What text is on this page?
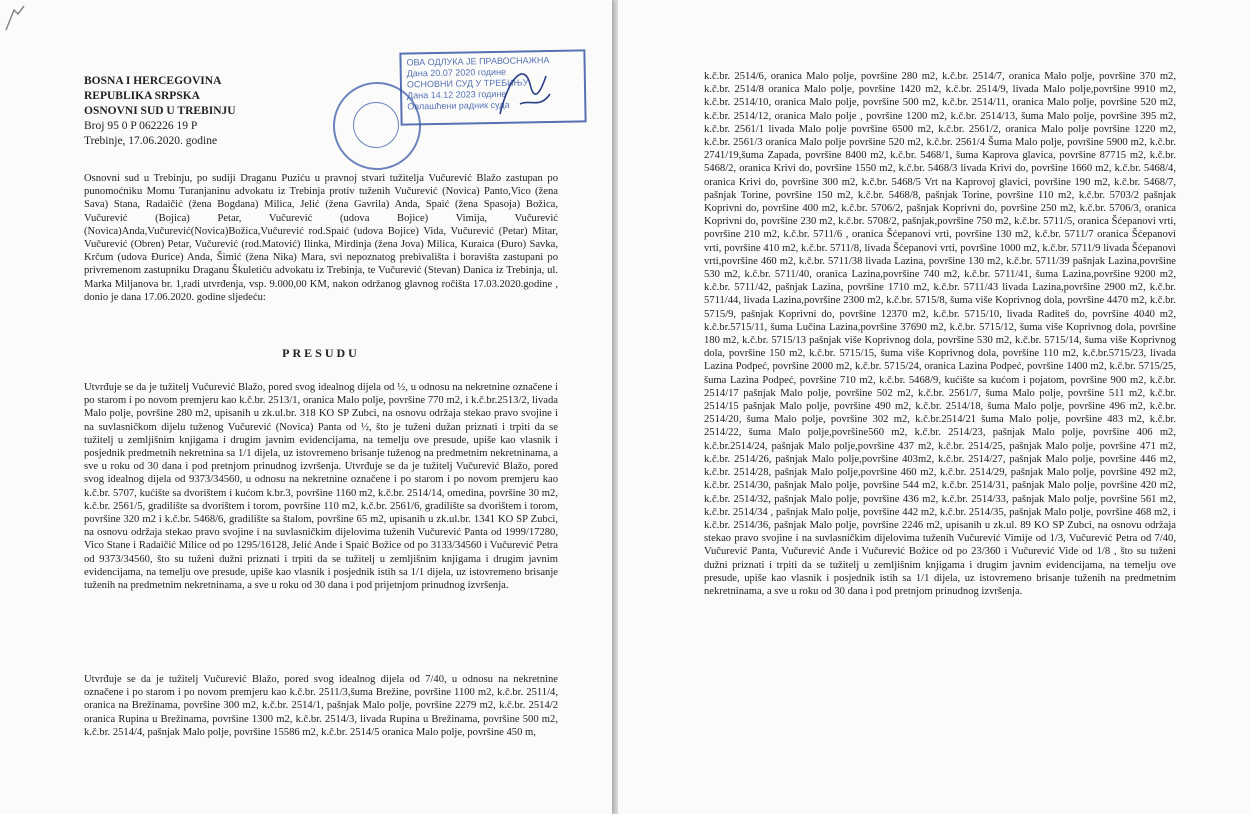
BOSNA I HERCEGOVINA
REPUBLIKA SRPSKA
OSNOVNI SUD U TREBINJU
Broj 95 0 P 062226 19 P
Trebinje, 17.06.2020. godine
ОВА ОДЛУКА ЈЕ ПРАВОСНАЖНА
Дана 20.07 2020 године
ОСНОВНИ СУД У ТРЕБИЊУ
Дана 14.12 2023 године
Овлашћени радник суда
Osnovni sud u Trebinju, po sudiji Draganu Puziću u pravnoj stvari tužitelja Vučurević Blažo zastupan po punomoćniku Momu Turanjaninu advokatu iz Trebinja protiv tuženih Vučurević (Novica) Panto,Vico (žena Sava) Stana, Radaičić (žena Bogdana) Milica, Jelić (žena Gavrila) Anda, Spaić (žena Spasoja) Božica, Vučurević (Bojica) Petar, Vučurević (udova Bojice) Vimija, Vučurević (Novica)Anda,Vučurević(Novica)Božica,Vučurević rod.Spaić (udova Bojice) Vida, Vučurević (Petar) Mitar, Vučurević (Obren) Petar, Vučurević (rod.Matović) Ilinka, Mirdinja (žena Jova) Milica, Kuraica (Đuro) Savka, Krčum (udova Đurice) Anda, Šimić (žena Nika) Mara, svi nepoznatog prebivališta i boravišta zastupani po privremenom zastupniku Draganu Škuletiću advokatu iz Trebinja, te Vučurević (Stevan) Danica iz Trebinja, ul. Marka Miljanova br. 1,radi utvrđenja, vsp. 9.000,00 KM, nakon održanog glavnog ročišta 17.03.2020.godine , donio je dana 17.06.2020. godine sljedeću:
PRESUDU
Utvrđuje se da je tužitelj Vučurević Blažo, pored svog idealnog dijela od ½, u odnosu na nekretnine označene i po starom i po novom premjeru kao k.č.br. 2513/1, oranica Malo polje, površine 770 m2, i k.č.br.2513/2, livada Malo polje, površine 280 m2, upisanih u zk.ul.br. 318 KO SP Zubci, na osnovu održaja stekao pravo svojine i na suvlasničkom dijelu tuženog Vučurević (Novica) Panta od ½, što je tuženi dužan priznati i trpiti da se tužitelj u zemljišnim knjigama i drugim javnim evidencijama, na temelju ove presude, upiše kao vlasnik i posjednik predmetnih nekretnina sa 1/1 dijela, uz istovremeno brisanje tuženog na predmetnim nekretninama, a sve u roku od 30 dana i pod pretnjom prinudnog izvršenja. Utvrđuje se da je tužitelj Vučurević Blažo, pored svog idealnog dijela od 9373/34560, u odnosu na nekretnine označene i po starom i po novom premjeru kao k.č.br. 5707, kućište sa dvorištem i kućom k.br.3, površine 1160 m2, k.č.br. 2514/14, omedina, površine 30 m2, k.č.br. 2561/5, gradilište sa dvorištem i torom, površine 110 m2, k.č.br. 2561/6, gradilište sa dvorištem i torom, površine 320 m2 i k.č.br. 5468/6, gradilište sa štalom, površine 65 m2, upisanih u zk.ul.br. 1341 KO SP Zubci, na osnovu održaja stekao pravo svojine i na suvlasničkim dijelovima tuženih Vučurević Panta od 1999/17280, Vico Stane i Radaičić Milice od po 1295/16128, Jelić Ande i Spaić Božice od po 3133/34560 i Vučurević Petra od 9373/34560, što su tuženi dužni priznati i trpiti da se tužitelj u zemljišnim knjigama i drugim javnim evidencijama, na temelju ove presude, upiše kao vlasnik i posjednik istih sa 1/1 dijela, uz istovremeno brisanje tuženih na predmetnim nekretninama, a sve u roku od 30 dana i pod prijetnjom prinudnog izvršenja.
Utvrđuje se da je tužitelj Vučurević Blažo, pored svog idealnog dijela od 7/40, u odnosu na nekretnine označene i po starom i po novom premjeru kao k.č.br. 2511/3,šuma Brežine, površine 1100 m2, k.č.br. 2511/4, oranica na Brežinama, površine 300 m2, k.č.br. 2514/1, pašnjak Malo polje, površine 2279 m2, k.č.br. 2514/2 oranica Rupina u Brežinama, površine 1300 m2, k.č.br. 2514/3, livada Rupina u Brežinama, površine 500 m2, k.č.br. 2514/4, pašnjak Malo polje, površine 15586 m2, k.č.br. 2514/5 oranica Malo polje, površine 450 m,
k.č.br. 2514/6, oranica Malo polje, površine 280 m2, k.č.br. 2514/7, oranica Malo polje, površine 370 m2, k.č.br. 2514/8 oranica Malo polje, površine 1420 m2, k.č.br. 2514/9, livada Malo polje,površine 9910 m2, k.č.br. 2514/10, oranica Malo polje, površine 500 m2, k.č.br. 2514/11, oranica Malo polje, površine 520 m2, k.č.br. 2514/12, oranica Malo polje , površine 1200 m2, k.č.br. 2514/13, šuma Malo polje, površine 395 m2, k.č.br. 2561/1 livada Malo polje površine 6500 m2, k.č.br. 2561/2, oranica Malo polje površine 1220 m2, k.č.br. 2561/3 oranica Malo polje površine 520 m2, k.č.br. 2561/4 Šuma Malo polje, površine 5900 m2, k.č.br. 2741/19,šuma Zapada, površine 8400 m2, k.č.br. 5468/1, šuma Kaprova glavica, površine 87715 m2, k.č.br. 5468/2, oranica Krivi do, površine 1550 m2, k.č.br. 5468/3 livada Krivi do, površine 1660 m2, k.č.br. 5468/4, oranica Krivi do, površine 300 m2, k.č.br. 5468/5 Vrt na Kaprovoj glavici, površine 190 m2, k.č.br. 5468/7, pašnjak Torine, površine 150 m2, k.č.br. 5468/8, pašnjak Torine, površine 110 m2, k.č.br. 5703/2 pašnjak Koprivni do, površine 400 m2, k.č.br. 5706/2, pašnjak Koprivni do, površine 250 m2, k.č.br. 5706/3, oranica Koprivni do, površine 230 m2, k.č.br. 5708/2, pašnjak,površine 750 m2, k.č.br. 5711/5, oranica Šćepanovi vrti, površine 210 m2, k.č.br. 5711/6 , oranica Šćepanovi vrti, površine 130 m2, k.č.br. 5711/7 oranica Šćepanovi vrti, površine 410 m2, k.č.br. 5711/8, livada Šćepanovi vrti, površine 1000 m2, k.č.br. 5711/9 livada Šćepanovi vrti,površine 460 m2, k.č.br. 5711/38 livada Lazina, površine 130 m2, k.č.br. 5711/39 pašnjak Lazina,površine 530 m2, k.č.br. 5711/40, oranica Lazina,površine 740 m2, k.č.br. 5711/41, šuma Lazina,površine 9200 m2, k.č.br. 5711/42, pašnjak Lazina, površine 1710 m2, k.č.br. 5711/43 livada Lazina,površine 2900 m2, k.č.br. 5711/44, livada Lazina,površine 2300 m2, k.č.br. 5715/8, šuma više Koprivnog dola, površine 4470 m2, k.č.br. 5715/9, pašnjak Koprivni do, površine 12370 m2, k.č.br. 5715/10, livada Raditeš do, površine 4040 m2, k.č.br.5715/11, šuma Lučina Lazina,površine 37690 m2, k.č.br. 5715/12, šuma više Koprivnog dola, površine 180 m2, k.č.br. 5715/13 pašnjak više Koprivnog dola, površine 530 m2, k.č.br. 5715/14, šuma više Koprivnog dola, površine 150 m2, k.č.br. 5715/15, šuma više Koprivnog dola, površine 110 m2, k.č.br.5715/23, livada Lazina Podpeć, površine 2000 m2, k.č.br. 5715/24, oranica Lazina Podpeć, površine 1400 m2, k.č.br. 5715/25, šuma Lazina Podpeć, površine 710 m2, k.č.br. 5468/9, kućište sa kućom i pojatom, površine 900 m2, k.č.br. 2514/17 pašnjak Malo polje, površine 502 m2, k.č.br. 2561/7, šuma Malo polje, površine 511 m2, k.č.br. 2514/15 pašnjak Malo polje, površine 490 m2, k.č.br. 2514/18, šuma Malo polje, površine 496 m2, k.č.br. 2514/20, šuma Malo polje, površine 302 m2, k.č.br.2514/21 šuma Malo polje, površine 483 m2, k.č.br. 2514/22, šuma Malo polje,površine560 m2, k.č.br. 2514/23, pašnjak Malo polje, površine 406 m2, k.č.br.2514/24, pašnjak Malo polje,površine 437 m2, k.č.br. 2514/25, pašnjak Malo polje, površine 471 m2, k.č.br. 2514/26, pašnjak Malo polje,površine 403m2, k.č.br. 2514/27, pašnjak Malo polje, površine 446 m2, k.č.br. 2514/28, pašnjak Malo polje,površine 460 m2, k.č.br. 2514/29, pašnjak Malo polje, površine 492 m2, k.č.br. 2514/30, pašnjak Malo polje, površine 544 m2, k.č.br. 2514/31, pašnjak Malo polje, površine 420 m2, k.č.br. 2514/32, pašnjak Malo polje, površine 436 m2, k.č.br. 2514/33, pašnjak Malo polje, površine 561 m2, k.č.br. 2514/34 , pašnjak Malo polje, površine 442 m2, k.č.br. 2514/35, pašnjak Malo polje, površine 468 m2, i k.č.br. 2514/36, pašnjak Malo polje, površine 2246 m2, upisanih u zk.ul. 89 KO SP Zubci, na osnovu održaja stekao pravo svojine i na suvlasničkim dijelovima tuženih Vučurević Vimije od 1/3, Vučurević Petra od 7/40, Vučurević Panta, Vučurević Anđe i Vučurević Božice od po 23/360 i Vučurević Vide od 1/8 , što su tuženi dužni priznati i trpiti da se tužitelj u zemljišnim knjigama i drugim javnim evidencijama, na temelju ove presude, upiše kao vlasnik i posjednik istih sa 1/1 dijela, uz istovremeno brisanje tuženih na predmetnim nekretninama, a sve u roku od 30 dana i pod pretnjom prinudnog izvršenja.
